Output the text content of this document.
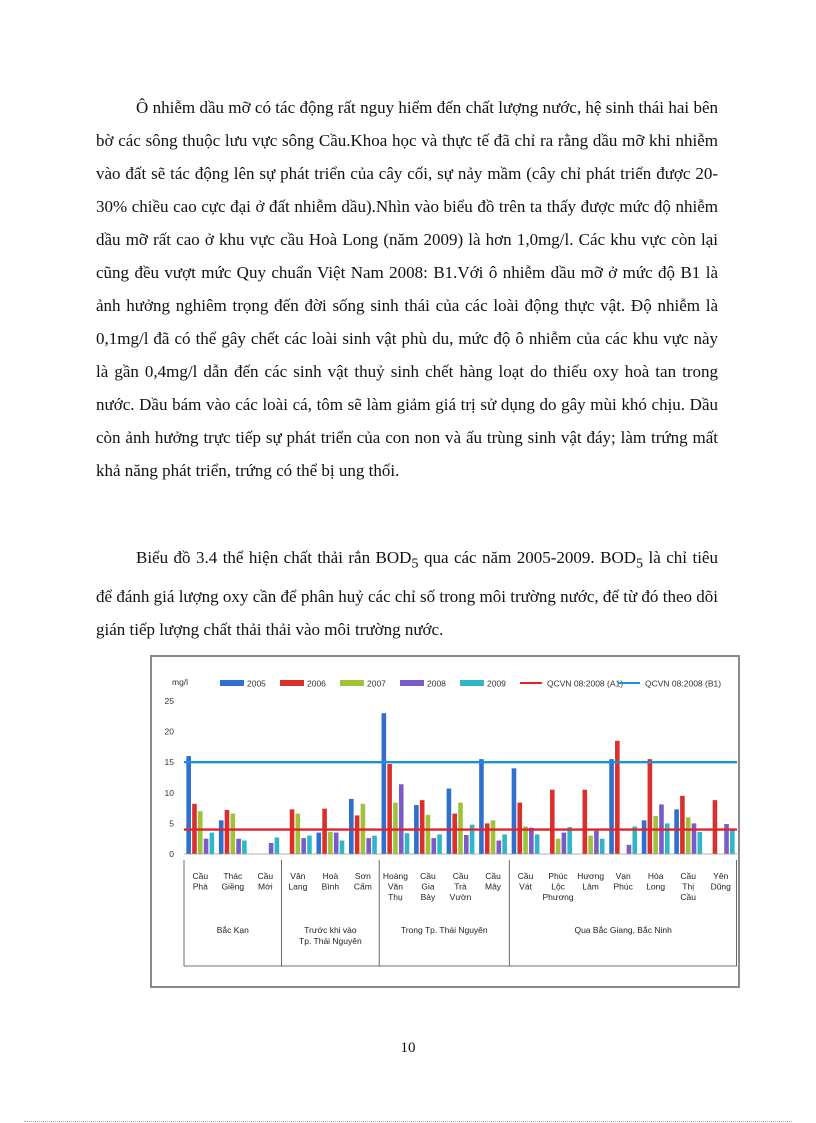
Ô nhiễm dầu mỡ có tác động rất nguy hiểm đến chất lượng nước, hệ sinh thái hai bên bờ các sông thuộc lưu vực sông Cầu.Khoa học và thực tế đã chỉ ra rằng dầu mỡ khi nhiễm vào đất sẽ tác động lên sự phát triển của cây cối, sự nảy mầm (cây chỉ phát triển được 20-30% chiều cao cực đại ở đất nhiễm dầu).Nhìn vào biểu đồ trên ta thấy được mức độ nhiễm dầu mỡ rất cao ở khu vực cầu Hoà Long (năm 2009) là hơn 1,0mg/l. Các khu vực còn lại cũng đều vượt mức Quy chuẩn Việt Nam 2008: B1.Với ô nhiễm dầu mỡ ở mức độ B1 là ảnh hưởng nghiêm trọng đến đời sống sinh thái của các loài động thực vật. Độ nhiễm là 0,1mg/l đã có thể gây chết các loài sinh vật phù du, mức độ ô nhiễm của các khu vực này là gần 0,4mg/l dẫn đến các sinh vật thuỷ sinh chết hàng loạt do thiếu oxy hoà tan trong nước. Dầu bám vào các loài cá, tôm sẽ làm giảm giá trị sử dụng do gây mùi khó chịu. Dầu còn ảnh hưởng trực tiếp sự phát triển của con non và ấu trùng sinh vật đáy; làm trứng mất khả năng phát triển, trứng có thể bị ung thối.

Biểu đồ 3.4 thể hiện chất thải rắn $BOD_5$ qua các năm 2005-2009. $BOD_5$ là chỉ tiêu để đánh giá lượng oxy cần để phân huỷ các chỉ số trong môi trường nước, để từ đó theo dõi gián tiếp lượng chất thải thải vào môi trường nước.

0
5
10
15
20
25
mg/l	2005	2006	2007	2008	2009	QCVN 08:2008 (A1)	QCVN 08:2008 (B1)
Bắc Kạn	Trước khi vào
Tp. Thái Nguyên
Trong Tp. Thái Nguyên	Qua Bắc Giang, Bắc Ninh
Cầu
Phà
Thác
Giềng
Cầu
Mới
Vân
Lang
Hoà
Bình
Sơn
Cẩm
Hoàng
Văn
Thụ
Cầu
Gia
Bảy
Cầu
Trà
Vườn
Cầu
Mây
Cầu
Vát
Phúc
Lộc
Phương
Hương
Lâm
Vạn
Phúc
Hòa
Long
Cầu
Thị
Cầu
Yên
Dũng
10
